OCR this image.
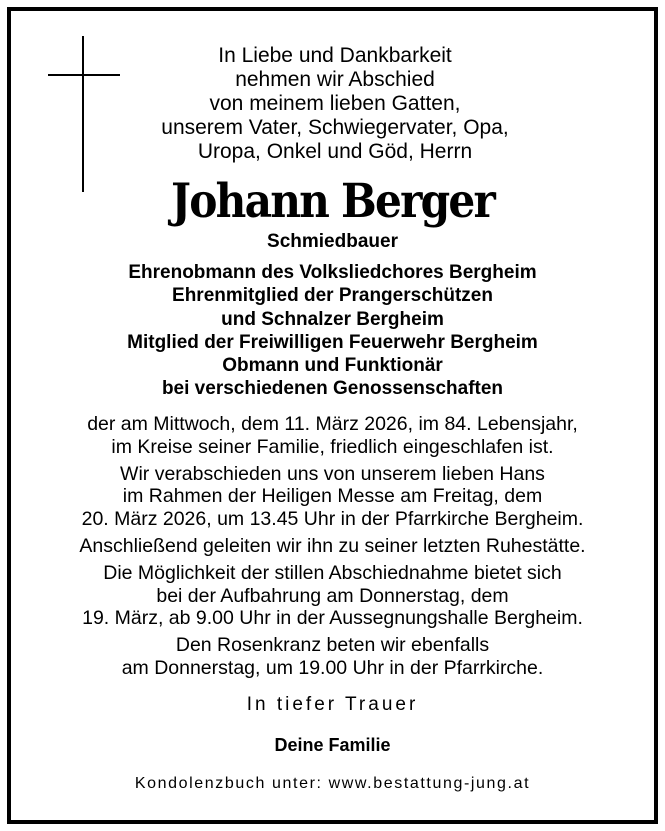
In Liebe und Dankbarkeit
nehmen wir Abschied
von meinem lieben Gatten,
unserem Vater, Schwiegervater, Opa,
Uropa, Onkel und Göd, Herrn
Johann Berger
Schmiedbauer
Ehrenobmann des Volksliedchores Bergheim
Ehrenmitglied der Prangerschützen
und Schnalzer Bergheim
Mitglied der Freiwilligen Feuerwehr Bergheim
Obmann und Funktionär
bei verschiedenen Genossenschaften
der am Mittwoch, dem 11. März 2026, im 84. Lebensjahr,
im Kreise seiner Familie, friedlich eingeschlafen ist.
Wir verabschieden uns von unserem lieben Hans
im Rahmen der Heiligen Messe am Freitag, dem
20. März 2026, um 13.45 Uhr in der Pfarrkirche Bergheim.
Anschließend geleiten wir ihn zu seiner letzten Ruhestätte.
Die Möglichkeit der stillen Abschiednahme bietet sich
bei der Aufbahrung am Donnerstag, dem
19. März, ab 9.00 Uhr in der Aussegnungshalle Bergheim.
Den Rosenkranz beten wir ebenfalls
am Donnerstag, um 19.00 Uhr in der Pfarrkirche.
In tiefer Trauer
Deine Familie
Kondolenzbuch unter: www.bestattung-jung.at
